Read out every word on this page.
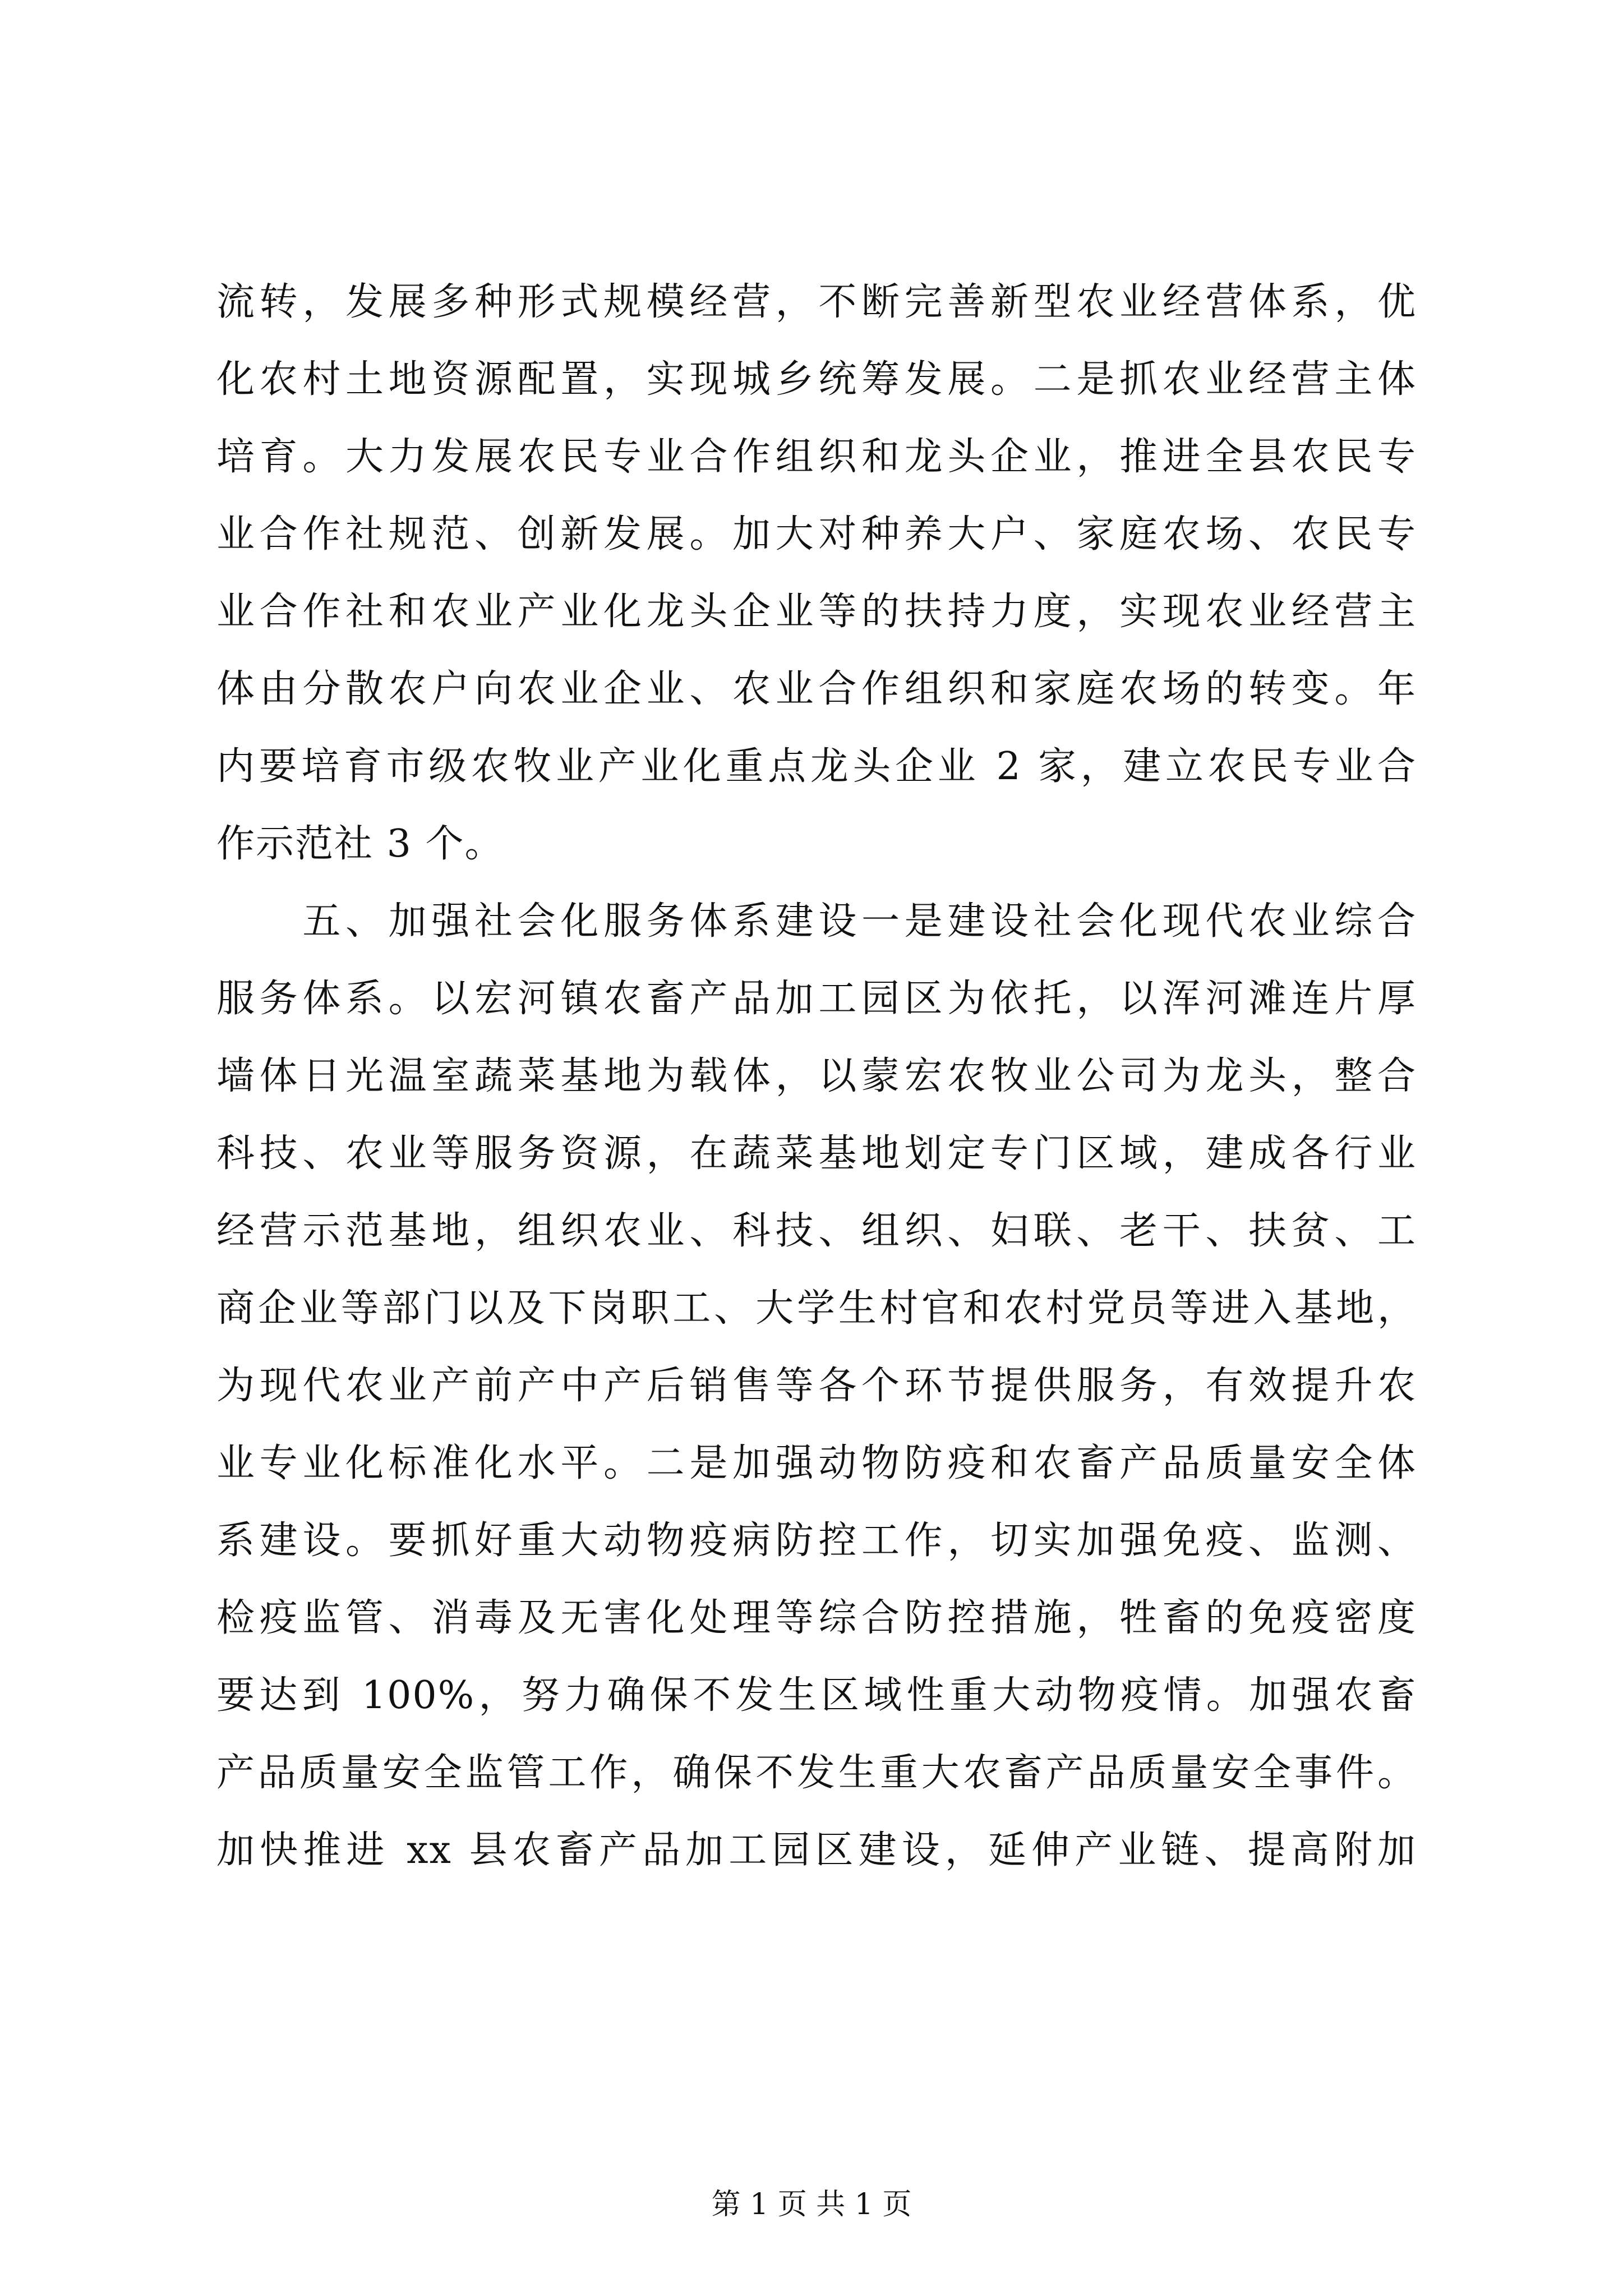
流转，发展多种形式规模经营，不断完善新型农业经营体系，优
化农村土地资源配置，实现城乡统筹发展。二是抓农业经营主体
培育。大力发展农民专业合作组织和龙头企业，推进全县农民专
业合作社规范、创新发展。加大对种养大户、家庭农场、农民专
业合作社和农业产业化龙头企业等的扶持力度，实现农业经营主
体由分散农户向农业企业、农业合作组织和家庭农场的转变。年
内要培育市级农牧业产业化重点龙头企业 2 家，建立农民专业合
作示范社 3 个。
　　五、加强社会化服务体系建设一是建设社会化现代农业综合
服务体系。以宏河镇农畜产品加工园区为依托，以浑河滩连片厚
墙体日光温室蔬菜基地为载体，以蒙宏农牧业公司为龙头，整合
科技、农业等服务资源，在蔬菜基地划定专门区域，建成各行业
经营示范基地，组织农业、科技、组织、妇联、老干、扶贫、工
商企业等部门以及下岗职工、大学生村官和农村党员等进入基地，
为现代农业产前产中产后销售等各个环节提供服务，有效提升农
业专业化标准化水平。二是加强动物防疫和农畜产品质量安全体
系建设。要抓好重大动物疫病防控工作，切实加强免疫、监测、
检疫监管、消毒及无害化处理等综合防控措施，牲畜的免疫密度
要达到 100%，努力确保不发生区域性重大动物疫情。加强农畜
产品质量安全监管工作，确保不发生重大农畜产品质量安全事件。
加快推进 xx 县农畜产品加工园区建设，延伸产业链、提高附加
第 1 页 共 1 页
